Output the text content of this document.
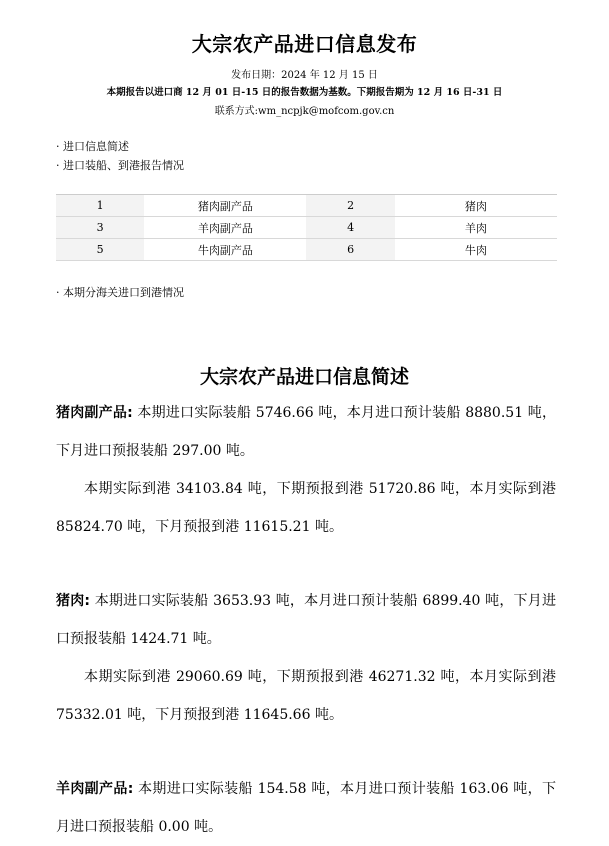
大宗农产品进口信息发布
发布日期：2024 年 12 月 15 日
本期报告以进口商 12 月 01 日-15 日的报告数据为基数。下期报告期为 12 月 16 日-31 日
联系方式:wm_ncpjk@mofcom.gov.cn
· 进口信息简述
· 进口装船、到港报告情况
1	猪肉副产品	2	猪肉
3	羊肉副产品	4	羊肉
5	牛肉副产品	6	牛肉
· 本期分海关进口到港情况
大宗农产品进口信息简述
猪肉副产品: 本期进口实际装船 5746.66 吨，本月进口预计装船 8880.51 吨，下月进口预报装船 297.00 吨。
本期实际到港 34103.84 吨，下期预报到港 51720.86 吨，本月实际到港 85824.70 吨，下月预报到港 11615.21 吨。
猪肉: 本期进口实际装船 3653.93 吨，本月进口预计装船 6899.40 吨，下月进口预报装船 1424.71 吨。
本期实际到港 29060.69 吨，下期预报到港 46271.32 吨，本月实际到港 75332.01 吨，下月预报到港 11645.66 吨。
羊肉副产品: 本期进口实际装船 154.58 吨，本月进口预计装船 163.06 吨，下月进口预报装船 0.00 吨。
